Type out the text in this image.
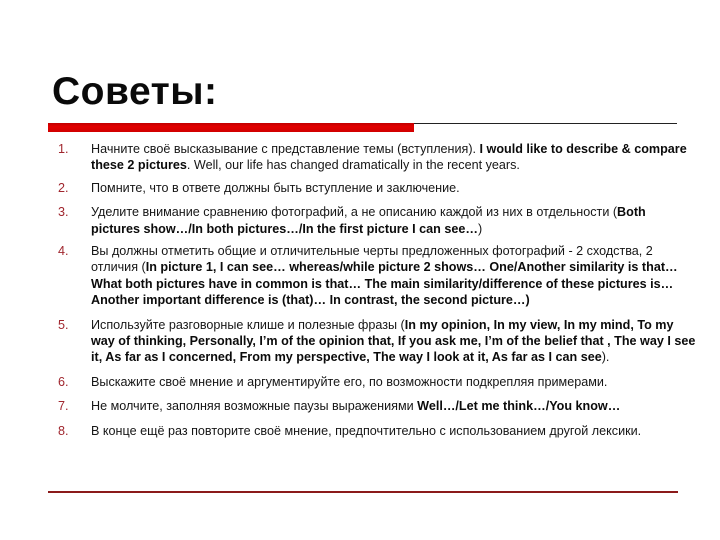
Советы:
1.	Начните своё высказывание с представление темы (вступления). I would like to describe & compare these 2 pictures. Well, our life has changed dramatically in the recent years.
2.	Помните, что в ответе должны быть вступление и заключение.
3.	Уделите внимание сравнению фотографий, а не описанию каждой из них в отдельности (Both pictures show…/In both pictures…/In the first picture I can see…)
4.	Вы должны отметить общие и отличительные черты предложенных фотографий - 2 сходства, 2 отличия (In picture 1, I can see… whereas/while picture 2 shows… One/Another similarity is that… What both pictures have in common is that… The main similarity/difference of these pictures is… Another important difference is (that)… In contrast, the second picture…)
5.	Используйте разговорные клише и полезные фразы (In my opinion, In my view, In my mind, To my way of thinking, Personally, I’m of the opinion that, If you ask me, I’m of the belief that , The way I see it, As far as I concerned, From my perspective, The way I look at it, As far as I can see).
6.	Выскажите своё мнение и аргументируйте его, по возможности подкрепляя примерами.
7.	Не молчите, заполняя возможные паузы выражениями Well…/Let me think…/You know…
8.	В конце ещё раз повторите своё мнение, предпочтительно с использованием другой лексики.
